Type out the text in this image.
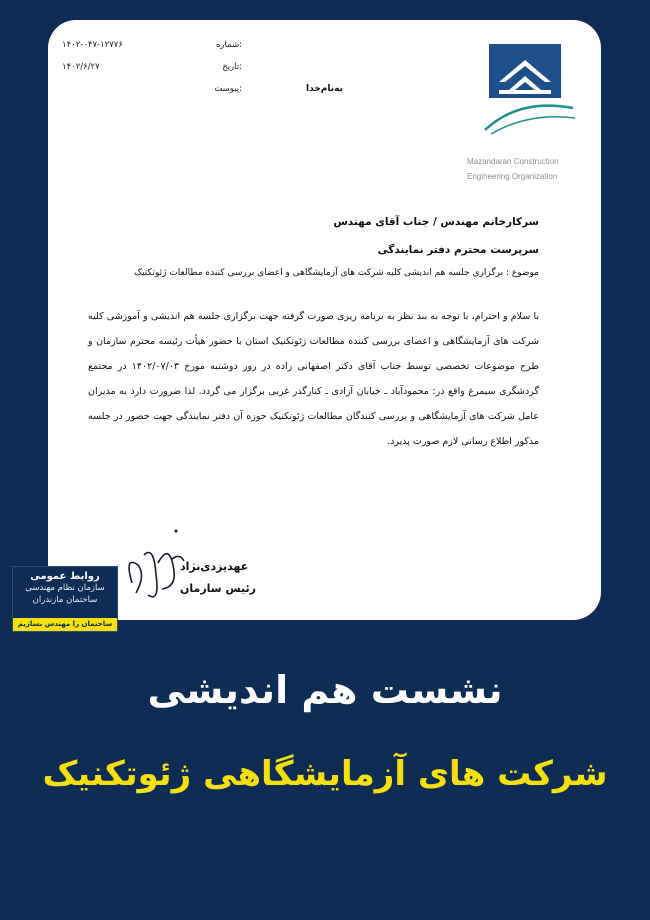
۱۴۰۲-۰۴۷-۱۲۷۷۶	شماره:
۱۴۰۲/۶/۲۷	تاریخ:
پیوست:	به‌نام‌خدا
Mazandaran Construction
Engineering Organization
سرکارخانم مهندس / جناب آقای مهندس
سرپرست محترم دفتر نمایندگی
موضوع : برگزاری جلسه هم اندیشی کلیه شرکت های آزمایشگاهی و اعضای بررسی کننده مطالعات ژئوتکنیک
با سلام و احترام، با توجه به بند نظر به برنامه ریزی صورت گرفته جهت برگزاری جلسه هم اندیشی و آموزشی کلیه شرکت های آزمایشگاهی و اعضای بررسی کننده مطالعات ژئوتکنیک استان با حضور هیأت رئیسه محترم سازمان و طرح موضوعات تخصصی توسط جناب آقای دکتر اصفهانی زاده در روز دوشنبه مورخ ۱۴۰۲/۰۷/۰۳ در مجتمع گردشگری سیمرغ واقع در: محمودآباد ـ خیابان آزادی ـ کنارگذر غربی برگزار می گردد. لذا ضرورت دارد به مدیران عامل شرکت های آزمایشگاهی و بررسی کنندگان مطالعات ژئوتکنیک حوزه آن دفتر نمایندگی جهت حضور در جلسه مذکور اطلاع رسانی لازم صورت پذیرد.
عهدیزدی‌نژاد
رئیس سازمان
روابط عمومی
سازمان نظام مهندسی
ساختمان مازندران
ساختمان را مهندس بسازیم
نشست هم اندیشی
شرکت های آزمایشگاهی ژئوتکنیک
